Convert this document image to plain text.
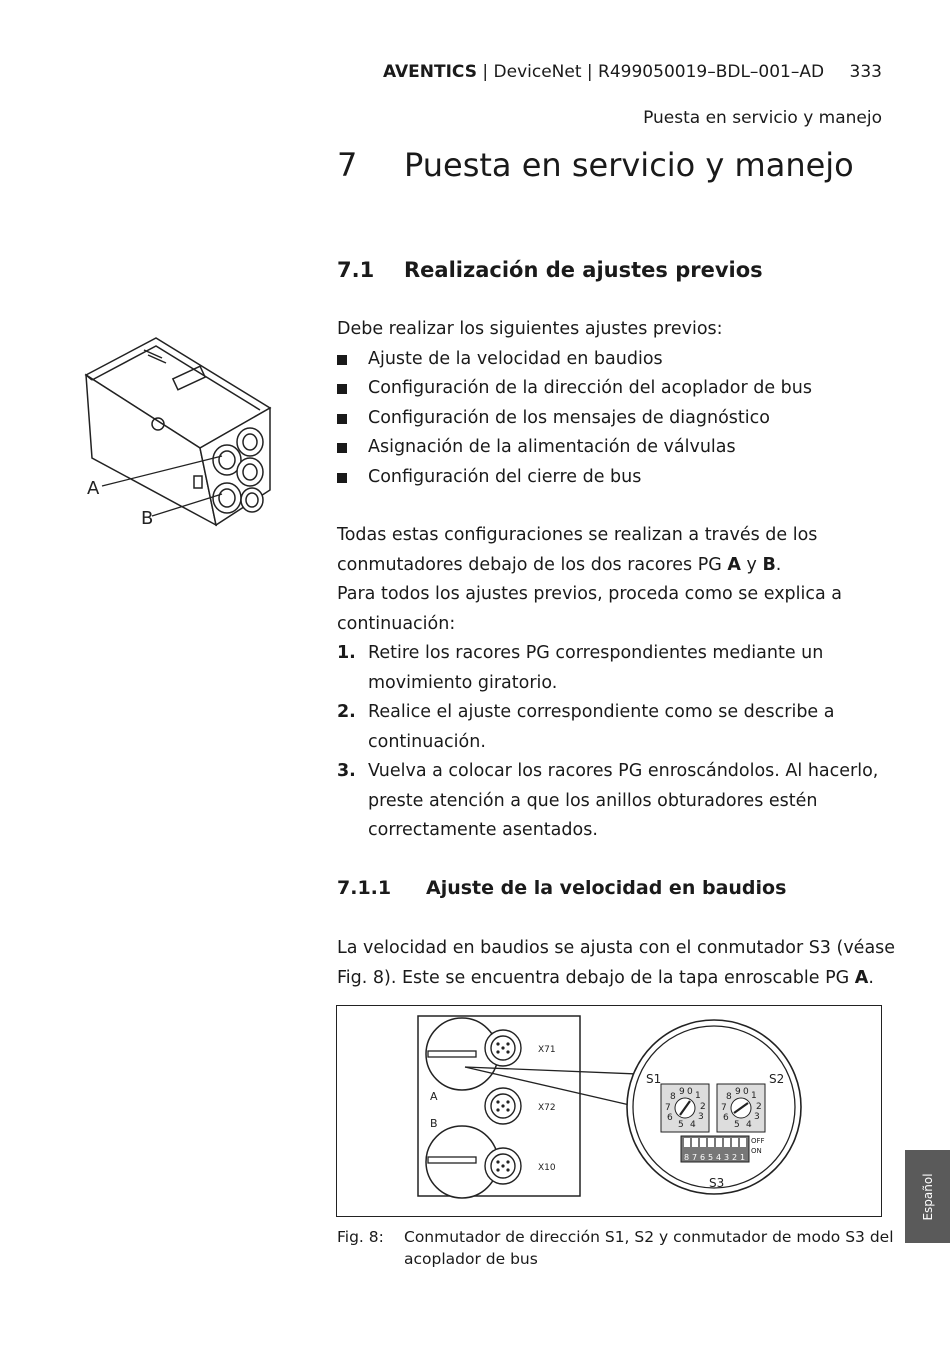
AVENTICS | DeviceNet | R499050019–BDL–001–AD	333
Puesta en servicio y manejo
7 Puesta en servicio y manejo
7.1 Realización de ajustes previos
Debe realizar los siguientes ajustes previos:
Ajuste de la velocidad en baudios
Configuración de la dirección del acoplador de bus
Configuración de los mensajes de diagnóstico
Asignación de la alimentación de válvulas
Configuración del cierre de bus
Todas estas configuraciones se realizan a través de los
conmutadores debajo de los dos racores PG A y B.
Para todos los ajustes previos, proceda como se explica a
continuación:
1. Retire los racores PG correspondientes mediante un movimiento giratorio.
2. Realice el ajuste correspondiente como se describe a continuación.
3. Vuelva a colocar los racores PG enroscándolos. Al hacerlo, preste atención a que los anillos obturadores estén correctamente asentados.
7.1.1 Ajuste de la velocidad en baudios
La velocidad en baudios se ajusta con el conmutador S3 (véase
Fig. 8). Este se encuentra debajo de la tapa enroscable PG A.
A
B
A
B
X71
X72
X10
S1	S2
9 0 1
2
3
4
5
6
7
8	9 0 1
2
3
4
5
6
7
8
8 7 6 5 4 3 2 1
OFF
ON
S3
Fig. 8: Conmutador de dirección S1, S2 y conmutador de modo S3 del acoplador de bus
Español
